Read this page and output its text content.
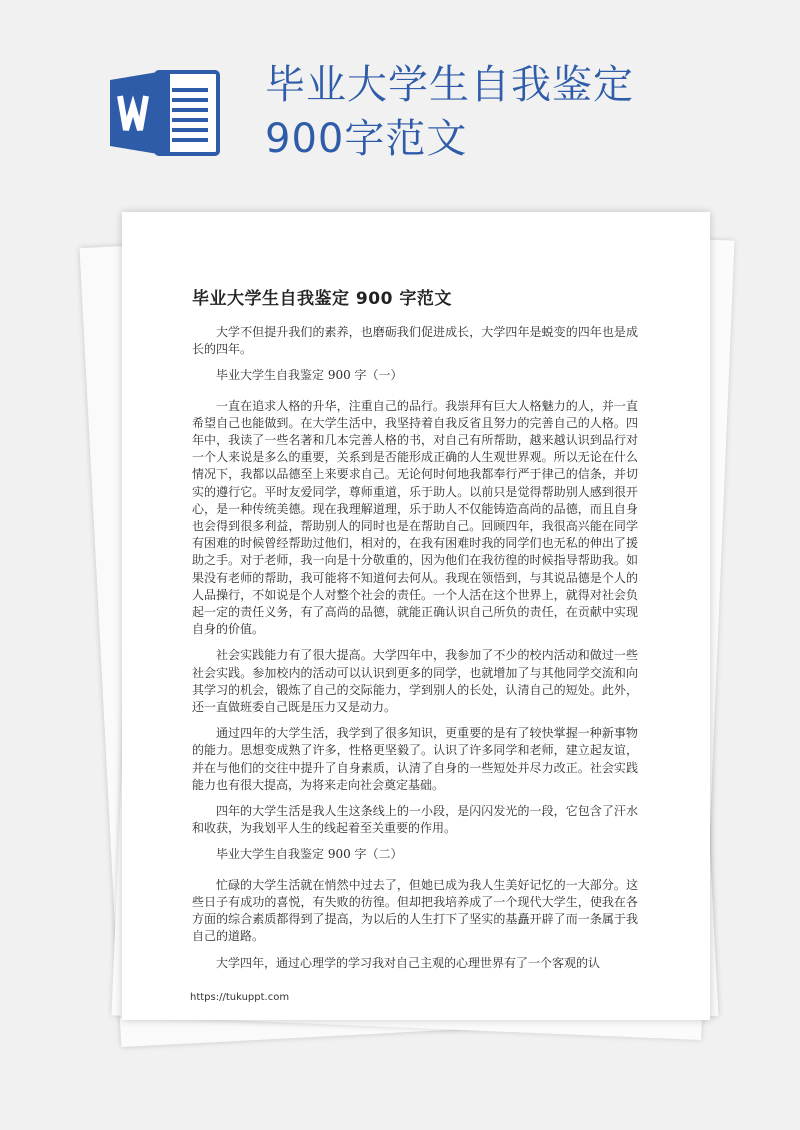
毕业大学生自我鉴定900字范文
毕业大学生自我鉴定 900 字范文

大学不但提升我们的素养，也磨砺我们促进成长，大学四年是蜕变的四年也是成长的四年。

毕业大学生自我鉴定 900 字（一）

一直在追求人格的升华，注重自己的品行。我崇拜有巨大人格魅力的人，并一直希望自己也能做到。在大学生活中，我坚持着自我反省且努力的完善自己的人格。四年中，我读了一些名著和几本完善人格的书，对自己有所帮助，越来越认识到品行对一个人来说是多么的重要，关系到是否能形成正确的人生观世界观。所以无论在什么情况下，我都以品德至上来要求自己。无论何时何地我都奉行严于律己的信条，并切实的遵行它。平时友爱同学，尊师重道，乐于助人。以前只是觉得帮助别人感到很开心，是一种传统美德。现在我理解道理，乐于助人不仅能铸造高尚的品德，而且自身也会得到很多利益，帮助别人的同时也是在帮助自己。回顾四年，我很高兴能在同学有困难的时候曾经帮助过他们，相对的，在我有困难时我的同学们也无私的伸出了援助之手。对于老师，我一向是十分敬重的，因为他们在我彷徨的时候指导帮助我。如果没有老师的帮助，我可能将不知道何去何从。我现在领悟到，与其说品德是个人的人品操行，不如说是个人对整个社会的责任。一个人活在这个世界上，就得对社会负起一定的责任义务，有了高尚的品德，就能正确认识自己所负的责任，在贡献中实现自身的价值。

社会实践能力有了很大提高。大学四年中，我参加了不少的校内活动和做过一些社会实践。参加校内的活动可以认识到更多的同学，也就增加了与其他同学交流和向其学习的机会，锻炼了自己的交际能力，学到别人的长处，认清自己的短处。此外，还一直做班委自己既是压力又是动力。

通过四年的大学生活，我学到了很多知识，更重要的是有了较快掌握一种新事物的能力。思想变成熟了许多，性格更坚毅了。认识了许多同学和老师，建立起友谊，并在与他们的交往中提升了自身素质，认清了自身的一些短处并尽力改正。社会实践能力也有很大提高，为将来走向社会奠定基础。

四年的大学生活是我人生这条线上的一小段，是闪闪发光的一段，它包含了汗水和收获，为我划平人生的线起着至关重要的作用。

毕业大学生自我鉴定 900 字（二）

忙碌的大学生活就在悄然中过去了，但她已成为我人生美好记忆的一大部分。这些日子有成功的喜悦，有失败的彷徨。但却把我培养成了一个现代大学生，使我在各方面的综合素质都得到了提高，为以后的人生打下了坚实的基矗开辟了而一条属于我自己的道路。

大学四年，通过心理学的学习我对自己主观的心理世界有了一个客观的认

https://tukuppt.com
